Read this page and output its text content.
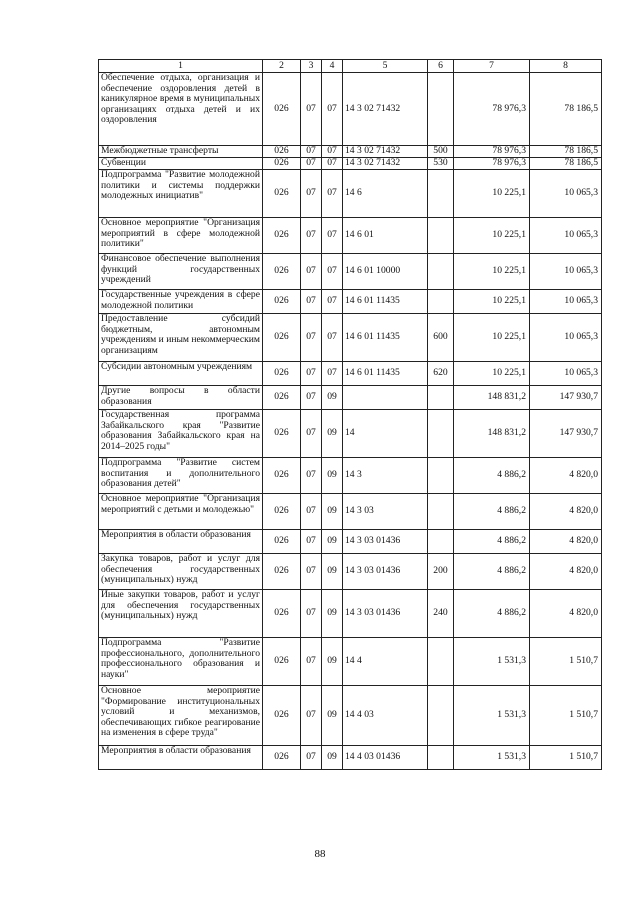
1	2	3	4	5	6	7	8
Обеспечение отдыха, организация и обеспечение оздоровления детей в каникулярное время в муниципальных организациях отдыха детей и их оздоровления	026	07	07	14 3 02 71432		78 976,3	78 186,5
Межбюджетные трансферты	026	07	07	14 3 02 71432	500	78 976,3	78 186,5
Субвенции	026	07	07	14 3 02 71432	530	78 976,3	78 186,5
Подпрограмма "Развитие молодежной политики и системы поддержки молодежных инициатив"	026	07	07	14 6		10 225,1	10 065,3
Основное мероприятие "Организация мероприятий в сфере молодежной политики"	026	07	07	14 6 01		10 225,1	10 065,3
Финансовое обеспечение выполнения функций государственных учреждений	026	07	07	14 6 01 10000		10 225,1	10 065,3
Государственные учреждения в сфере молодежной политики	026	07	07	14 6 01 11435		10 225,1	10 065,3
Предоставление субсидий бюджетным, автономным учреждениям и иным некоммерческим организациям	026	07	07	14 6 01 11435	600	10 225,1	10 065,3
Субсидии автономным учреждениям	026	07	07	14 6 01 11435	620	10 225,1	10 065,3
Другие вопросы в области образования	026	07	09			148 831,2	147 930,7
Государственная программа Забайкальского края "Развитие образования Забайкальского края на 2014–2025 годы"	026	07	09	14		148 831,2	147 930,7
Подпрограмма "Развитие систем воспитания и дополнительного образования детей"	026	07	09	14 3		4 886,2	4 820,0
Основное мероприятие "Организация мероприятий с детьми и молодежью"	026	07	09	14 3 03		4 886,2	4 820,0
Мероприятия в области образования	026	07	09	14 3 03 01436		4 886,2	4 820,0
Закупка товаров, работ и услуг для обеспечения государственных (муниципальных) нужд	026	07	09	14 3 03 01436	200	4 886,2	4 820,0
Иные закупки товаров, работ и услуг для обеспечения государственных (муниципальных) нужд	026	07	09	14 3 03 01436	240	4 886,2	4 820,0
Подпрограмма "Развитие профессионального, дополнительного профессионального образования и науки"	026	07	09	14 4		1 531,3	1 510,7
Основное мероприятие "Формирование институциональных условий и механизмов, обеспечивающих гибкое реагирование на изменения в сфере труда"	026	07	09	14 4 03		1 531,3	1 510,7
Мероприятия в области образования	026	07	09	14 4 03 01436		1 531,3	1 510,7
88
